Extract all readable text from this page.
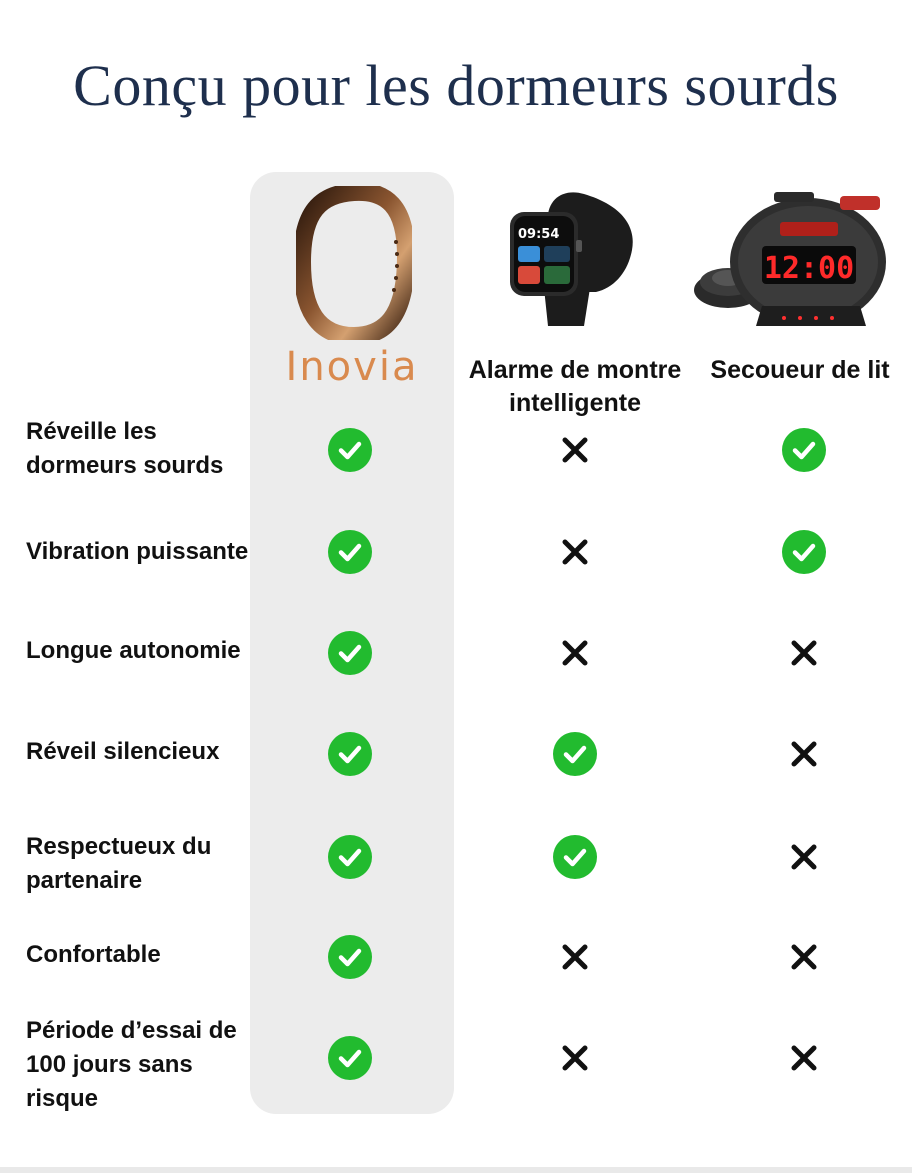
Conçu pour les dormeurs sourds
09:54
12:00
Inovia	Alarme de montre intelligente
Secoueur de lit
Réveille les dormeurs sourds
Vibration puissante
Longue autonomie
Réveil silencieux
Respectueux du partenaire
Confortable
Période d’essai de 100 jours sans risque
